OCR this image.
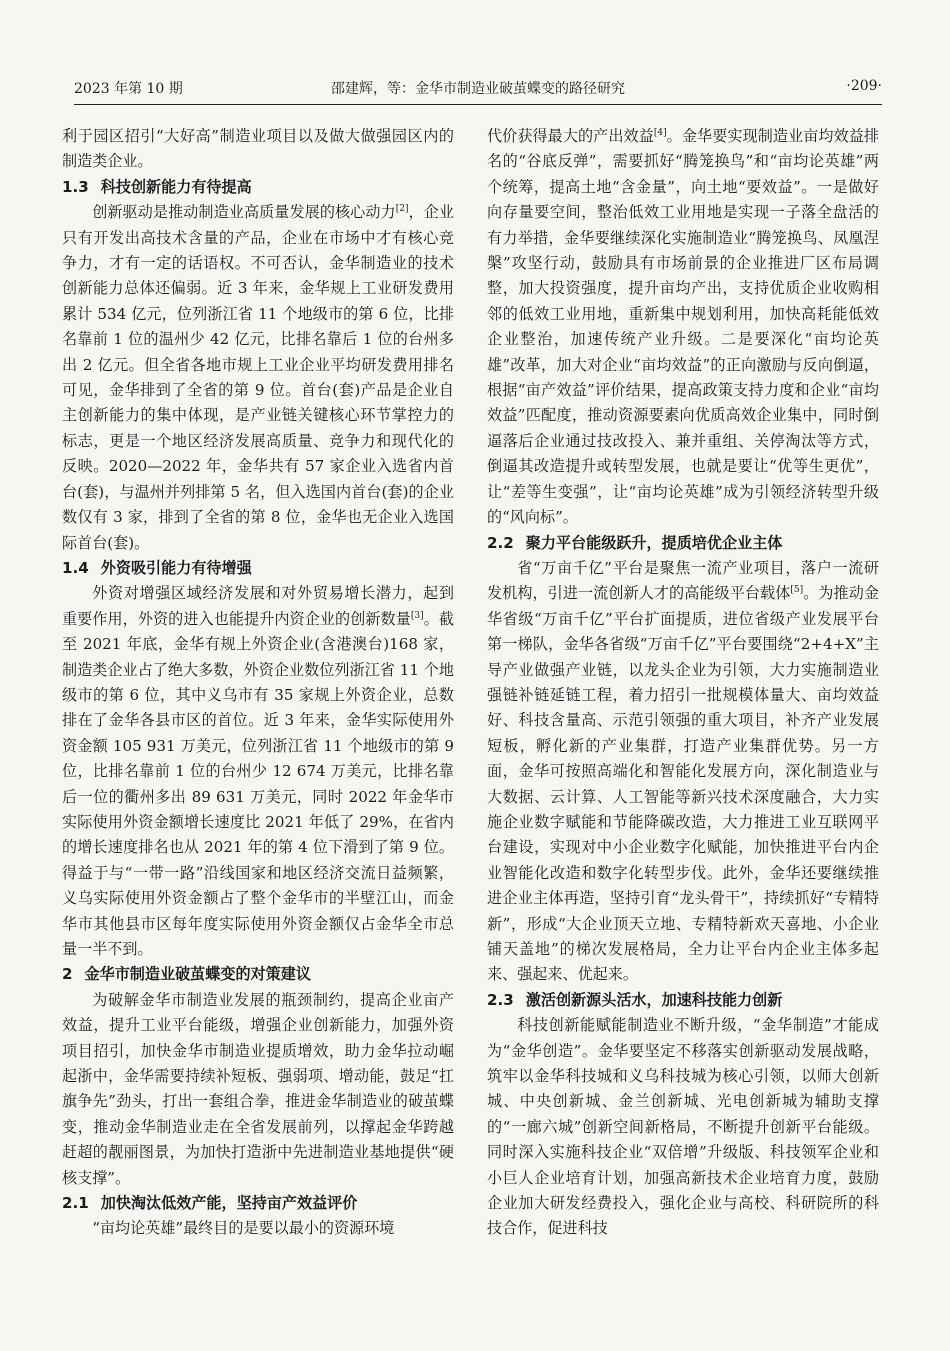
2023 年第 10 期	邵建辉，等：金华市制造业破茧蝶变的路径研究	·209·

利于园区招引“大好高”制造业项目以及做大做强园区内的制造类企业。

1.3 科技创新能力有待提高

创新驱动是推动制造业高质量发展的核心动力[2]，企业只有开发出高技术含量的产品，企业在市场中才有核心竞争力，才有一定的话语权。不可否认，金华制造业的技术创新能力总体还偏弱。近 3 年来，金华规上工业研发费用累计 534 亿元，位列浙江省 11 个地级市的第 6 位，比排名靠前 1 位的温州少 42 亿元，比排名靠后 1 位的台州多出 2 亿元。但全省各地市规上工业企业平均研发费用排名可见，金华排到了全省的第 9 位。首台(套)产品是企业自主创新能力的集中体现，是产业链关键核心环节掌控力的标志，更是一个地区经济发展高质量、竞争力和现代化的反映。2020—2022 年，金华共有 57 家企业入选省内首台(套)，与温州并列排第 5 名，但入选国内首台(套)的企业数仅有 3 家，排到了全省的第 8 位，金华也无企业入选国际首台(套)。

1.4 外资吸引能力有待增强

外资对增强区域经济发展和对外贸易增长潜力，起到重要作用，外资的进入也能提升内资企业的创新数量[3]。截至 2021 年底，金华有规上外资企业(含港澳台)168 家，制造类企业占了绝大多数，外资企业数位列浙江省 11 个地级市的第 6 位，其中义乌市有 35 家规上外资企业，总数排在了金华各县市区的首位。近 3 年来，金华实际使用外资金额 105 931 万美元，位列浙江省 11 个地级市的第 9 位，比排名靠前 1 位的台州少 12 674 万美元，比排名靠后一位的衢州多出 89 631 万美元，同时 2022 年金华市实际使用外资金额增长速度比 2021 年低了 29%，在省内的增长速度排名也从 2021 年的第 4 位下滑到了第 9 位。得益于与“一带一路”沿线国家和地区经济交流日益频繁，义乌实际使用外资金额占了整个金华市的半壁江山，而金华市其他县市区每年度实际使用外资金额仅占金华全市总量一半不到。

2 金华市制造业破茧蝶变的对策建议

为破解金华市制造业发展的瓶颈制约，提高企业亩产效益，提升工业平台能级，增强企业创新能力，加强外资项目招引，加快金华市制造业提质增效，助力金华拉动崛起浙中，金华需要持续补短板、强弱项、增动能，鼓足“扛旗争先”劲头，打出一套组合拳，推进金华制造业的破茧蝶变，推动金华制造业走在全省发展前列，以撑起金华跨越赶超的靓丽图景，为加快打造浙中先进制造业基地提供“硬核支撑”。

2.1 加快淘汰低效产能，坚持亩产效益评价

“亩均论英雄”最终目的是要以最小的资源环境

代价获得最大的产出效益[4]。金华要实现制造业亩均效益排名的“谷底反弹”，需要抓好“腾笼换鸟”和“亩均论英雄”两个统筹，提高土地“含金量”，向土地“要效益”。一是做好向存量要空间，整治低效工业用地是实现一子落全盘活的有力举措，金华要继续深化实施制造业“腾笼换鸟、凤凰涅槃”攻坚行动，鼓励具有市场前景的企业推进厂区布局调整，加大投资强度，提升亩均产出，支持优质企业收购相邻的低效工业用地，重新集中规划利用，加快高耗能低效企业整治，加速传统产业升级。二是要深化“亩均论英雄”改革，加大对企业“亩均效益”的正向激励与反向倒逼，根据“亩产效益”评价结果，提高政策支持力度和企业“亩均效益”匹配度，推动资源要素向优质高效企业集中，同时倒逼落后企业通过技改投入、兼并重组、关停淘汰等方式，倒逼其改造提升或转型发展，也就是要让“优等生更优”，让“差等生变强”，让“亩均论英雄”成为引领经济转型升级的“风向标”。

2.2 聚力平台能级跃升，提质培优企业主体

省“万亩千亿”平台是聚焦一流产业项目，落户一流研发机构，引进一流创新人才的高能级平台载体[5]。为推动金华省级“万亩千亿”平台扩面提质，进位省级产业发展平台第一梯队，金华各省级“万亩千亿”平台要围绕“2+4+X”主导产业做强产业链，以龙头企业为引领，大力实施制造业强链补链延链工程，着力招引一批规模体量大、亩均效益好、科技含量高、示范引领强的重大项目，补齐产业发展短板，孵化新的产业集群，打造产业集群优势。另一方面，金华可按照高端化和智能化发展方向，深化制造业与大数据、云计算、人工智能等新兴技术深度融合，大力实施企业数字赋能和节能降碳改造，大力推进工业互联网平台建设，实现对中小企业数字化赋能，加快推进平台内企业智能化改造和数字化转型步伐。此外，金华还要继续推进企业主体再造，坚持引育“龙头骨干”，持续抓好“专精特新”，形成“大企业顶天立地、专精特新欢天喜地、小企业铺天盖地”的梯次发展格局，全力让平台内企业主体多起来、强起来、优起来。

2.3 激活创新源头活水，加速科技能力创新

科技创新能赋能制造业不断升级，“金华制造”才能成为“金华创造”。金华要坚定不移落实创新驱动发展战略，筑牢以金华科技城和义乌科技城为核心引领，以师大创新城、中央创新城、金兰创新城、光电创新城为辅助支撑的“一廊六城”创新空间新格局，不断提升创新平台能级。同时深入实施科技企业“双倍增”升级版、科技领军企业和小巨人企业培育计划，加强高新技术企业培育力度，鼓励企业加大研发经费投入，强化企业与高校、科研院所的科技合作，促进科技
